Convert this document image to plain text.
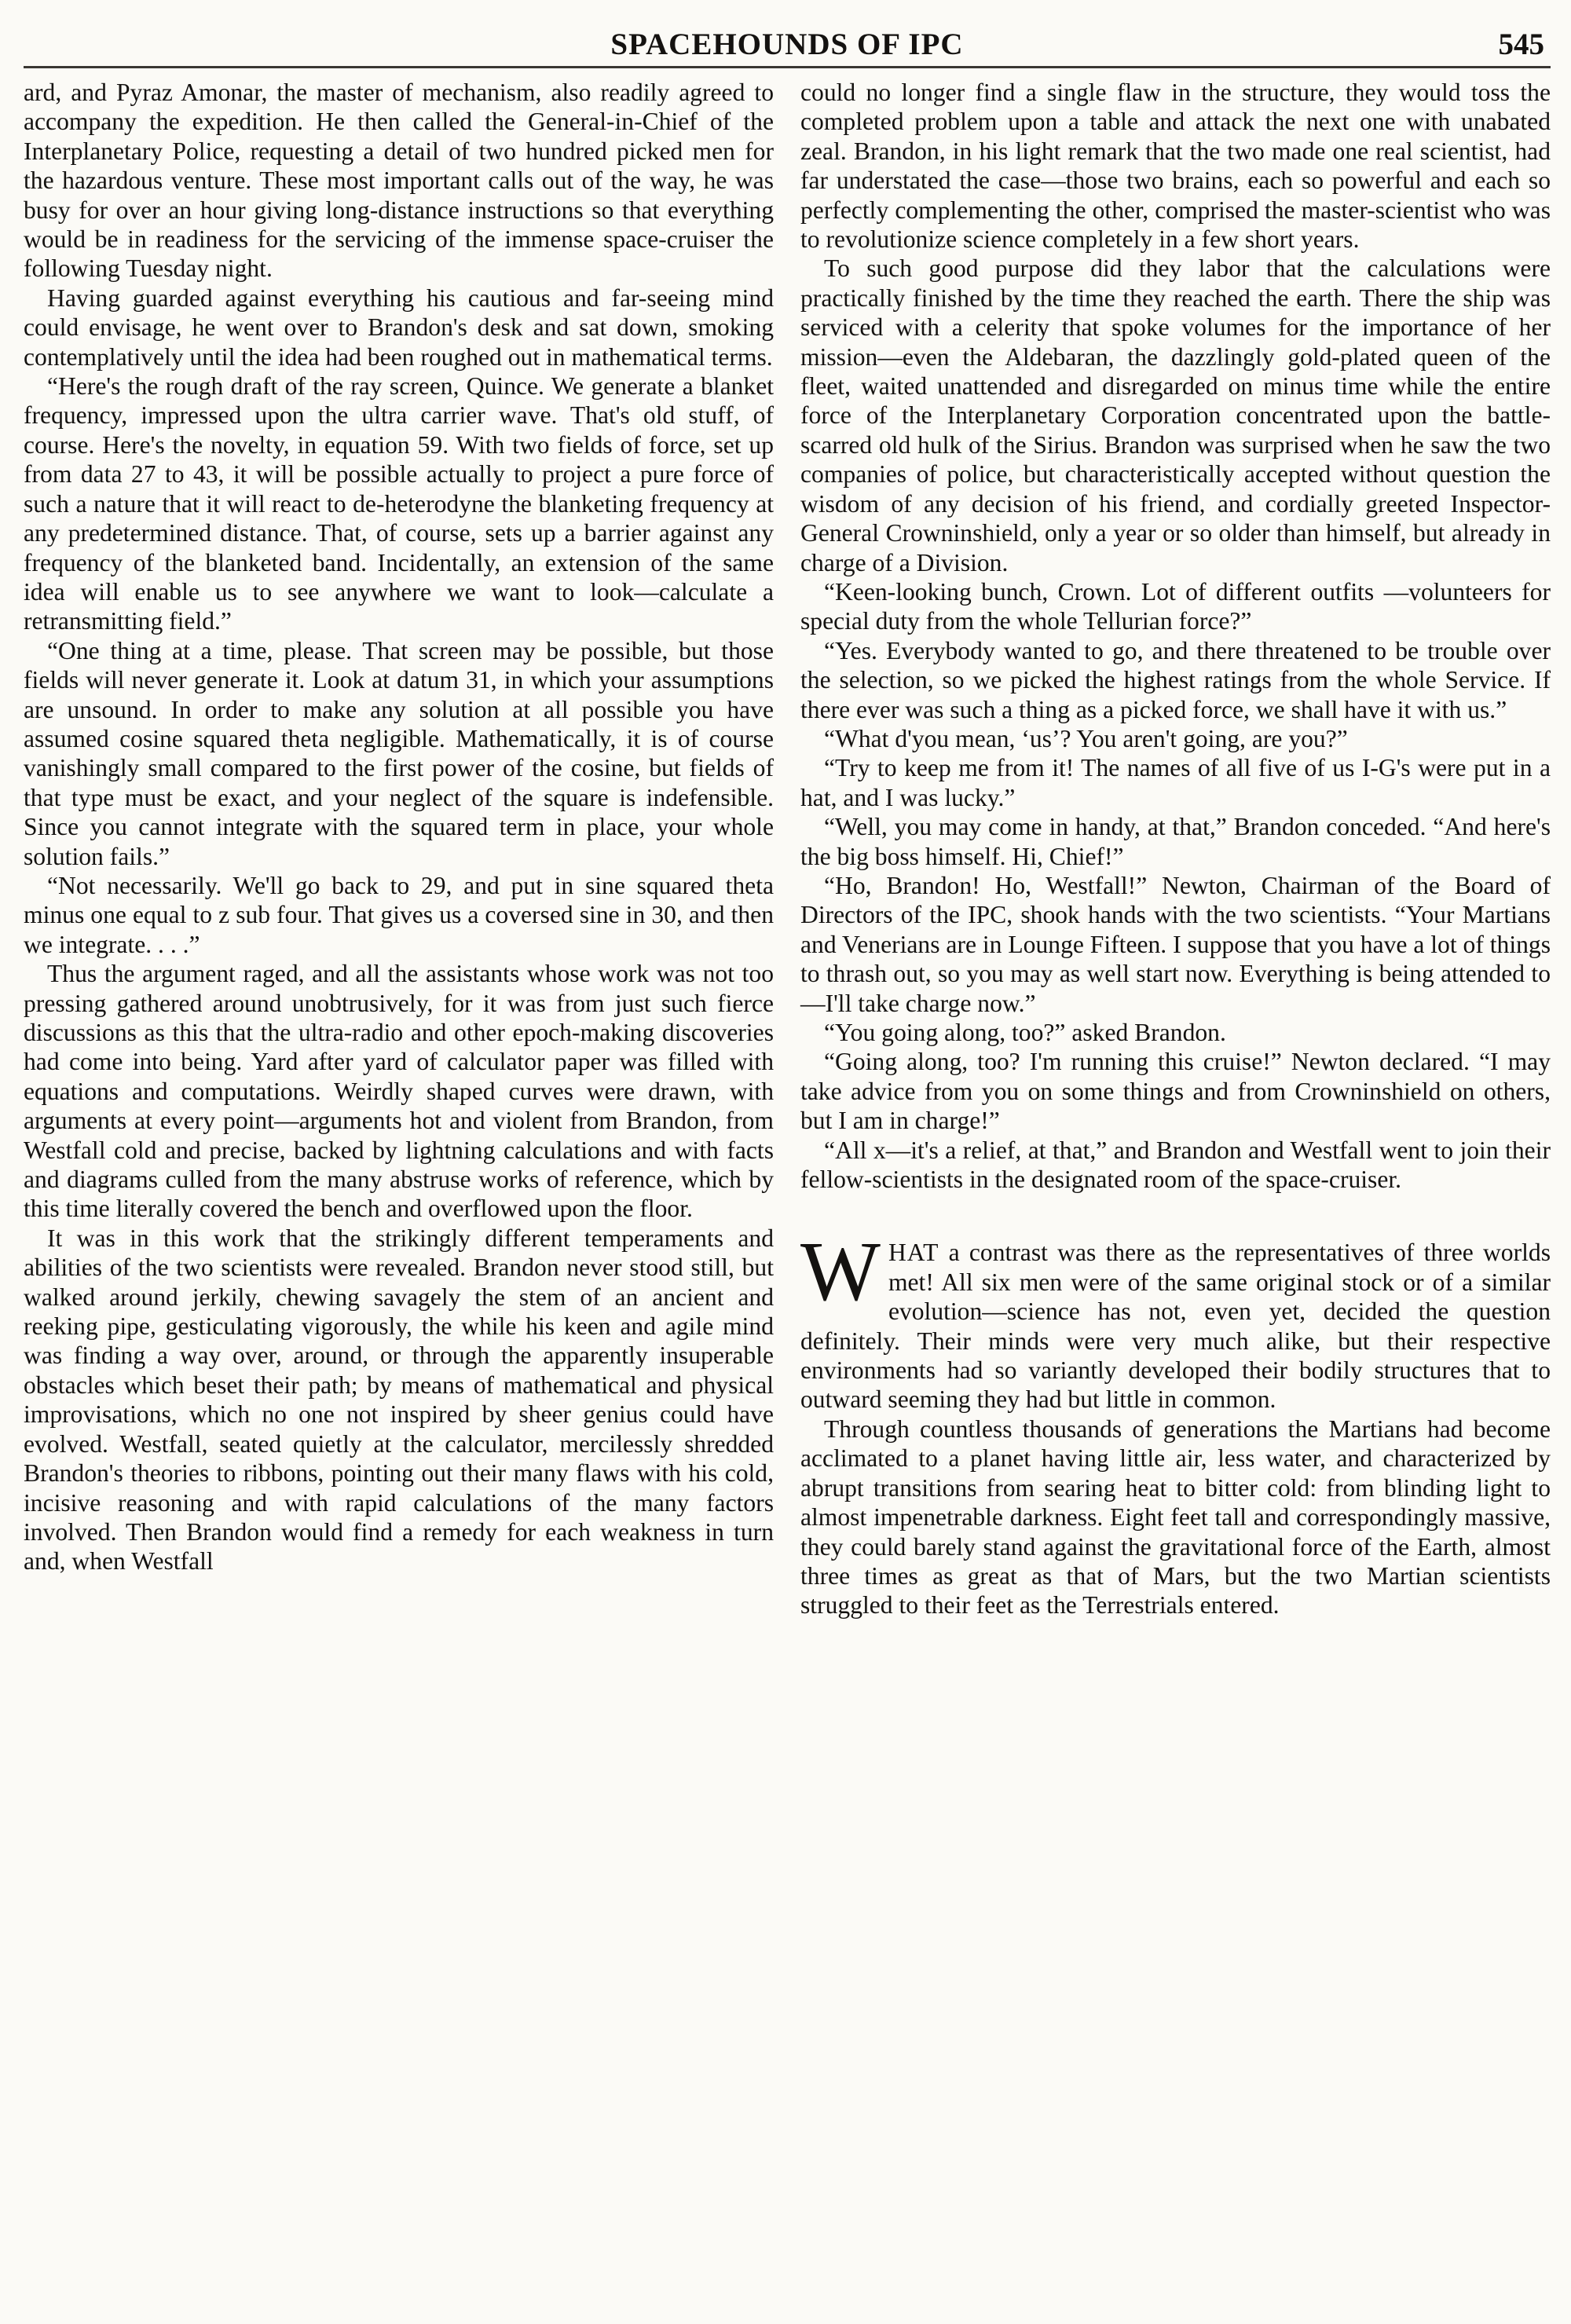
SPACEHOUNDS OF IPC	545

ard, and Pyraz Amonar, the master of mechanism, also readily agreed to accompany the expedition. He then called the General-in-Chief of the Interplanetary Police, requesting a detail of two hundred picked men for the hazardous venture. These most important calls out of the way, he was busy for over an hour giving long-distance instructions so that everything would be in readiness for the servicing of the immense space-cruiser the following Tuesday night.

Having guarded against everything his cautious and far-seeing mind could envisage, he went over to Brandon's desk and sat down, smoking contemplatively until the idea had been roughed out in mathematical terms.

“Here's the rough draft of the ray screen, Quince. We generate a blanket frequency, impressed upon the ultra carrier wave. That's old stuff, of course. Here's the novelty, in equation 59. With two fields of force, set up from data 27 to 43, it will be possible actually to project a pure force of such a nature that it will react to de-heterodyne the blanketing frequency at any predetermined distance. That, of course, sets up a barrier against any frequency of the blanketed band. Incidentally, an extension of the same idea will enable us to see anywhere we want to look—calculate a retransmitting field.”

“One thing at a time, please. That screen may be possible, but those fields will never generate it. Look at datum 31, in which your assumptions are unsound. In order to make any solution at all possible you have assumed cosine squared theta negligible. Mathematically, it is of course vanishingly small compared to the first power of the cosine, but fields of that type must be exact, and your neglect of the square is indefensible. Since you cannot integrate with the squared term in place, your whole solution fails.”

“Not necessarily. We'll go back to 29, and put in sine squared theta minus one equal to z sub four. That gives us a coversed sine in 30, and then we integrate. . . .”

Thus the argument raged, and all the assistants whose work was not too pressing gathered around unobtrusively, for it was from just such fierce discussions as this that the ultra-radio and other epoch-making discoveries had come into being. Yard after yard of calculator paper was filled with equations and computations. Weirdly shaped curves were drawn, with arguments at every point—arguments hot and violent from Brandon, from Westfall cold and precise, backed by lightning calculations and with facts and diagrams culled from the many abstruse works of reference, which by this time literally covered the bench and overflowed upon the floor.

It was in this work that the strikingly different temperaments and abilities of the two scientists were revealed. Brandon never stood still, but walked around jerkily, chewing savagely the stem of an ancient and reeking pipe, gesticulating vigorously, the while his keen and agile mind was finding a way over, around, or through the apparently insuperable obstacles which beset their path; by means of mathematical and physical improvisations, which no one not inspired by sheer genius could have evolved. Westfall, seated quietly at the calculator, mercilessly shredded Brandon's theories to ribbons, pointing out their many flaws with his cold, incisive reasoning and with rapid calculations of the many factors involved. Then Brandon would find a remedy for each weakness in turn and, when Westfall

could no longer find a single flaw in the structure, they would toss the completed problem upon a table and attack the next one with unabated zeal. Brandon, in his light remark that the two made one real scientist, had far understated the case—those two brains, each so powerful and each so perfectly complementing the other, comprised the master-scientist who was to revolutionize science completely in a few short years.

To such good purpose did they labor that the calculations were practically finished by the time they reached the earth. There the ship was serviced with a celerity that spoke volumes for the importance of her mission—even the Aldebaran, the dazzlingly gold-plated queen of the fleet, waited unattended and disregarded on minus time while the entire force of the Interplanetary Corporation concentrated upon the battle-scarred old hulk of the Sirius. Brandon was surprised when he saw the two companies of police, but characteristically accepted without question the wisdom of any decision of his friend, and cordially greeted Inspector-General Crowninshield, only a year or so older than himself, but already in charge of a Division.

“Keen-looking bunch, Crown. Lot of different outfits —volunteers for special duty from the whole Tellurian force?”

“Yes. Everybody wanted to go, and there threatened to be trouble over the selection, so we picked the highest ratings from the whole Service. If there ever was such a thing as a picked force, we shall have it with us.”

“What d'you mean, ‘us’? You aren't going, are you?”

“Try to keep me from it! The names of all five of us I-G's were put in a hat, and I was lucky.”

“Well, you may come in handy, at that,” Brandon conceded. “And here's the big boss himself. Hi, Chief!”

“Ho, Brandon! Ho, Westfall!” Newton, Chairman of the Board of Directors of the IPC, shook hands with the two scientists. “Your Martians and Venerians are in Lounge Fifteen. I suppose that you have a lot of things to thrash out, so you may as well start now. Everything is being attended to—I'll take charge now.”

“You going along, too?” asked Brandon.

“Going along, too? I'm running this cruise!” Newton declared. “I may take advice from you on some things and from Crowninshield on others, but I am in charge!”

“All x—it's a relief, at that,” and Brandon and Westfall went to join their fellow-scientists in the designated room of the space-cruiser.

WHAT a contrast was there as the representatives of three worlds met! All six men were of the same original stock or of a similar evolution—science has not, even yet, decided the question definitely. Their minds were very much alike, but their respective environments had so variantly developed their bodily structures that to outward seeming they had but little in common.

Through countless thousands of generations the Martians had become acclimated to a planet having little air, less water, and characterized by abrupt transitions from searing heat to bitter cold: from blinding light to almost impenetrable darkness. Eight feet tall and correspondingly massive, they could barely stand against the gravitational force of the Earth, almost three times as great as that of Mars, but the two Martian scientists struggled to their feet as the Terrestrials entered.
